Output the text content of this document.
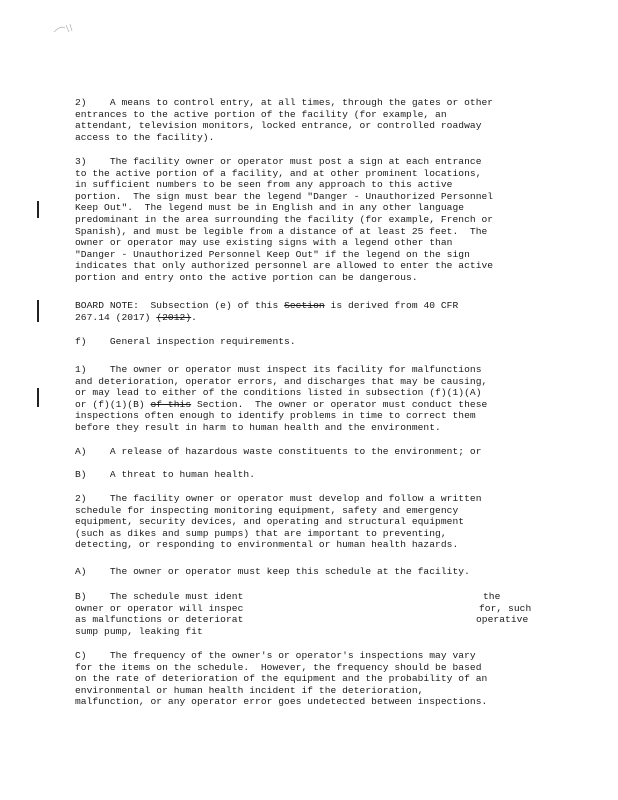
2)    A means to control entry, at all times, through the gates or other
entrances to the active portion of the facility (for example, an
attendant, television monitors, locked entrance, or controlled roadway
access to the facility).
3)    The facility owner or operator must post a sign at each entrance
to the active portion of a facility, and at other prominent locations,
in sufficient numbers to be seen from any approach to this active
portion.  The sign must bear the legend "Danger - Unauthorized Personnel
Keep Out".  The legend must be in English and in any other language
predominant in the area surrounding the facility (for example, French or
Spanish), and must be legible from a distance of at least 25 feet.  The
owner or operator may use existing signs with a legend other than
"Danger - Unauthorized Personnel Keep Out" if the legend on the sign
indicates that only authorized personnel are allowed to enter the active
portion and entry onto the active portion can be dangerous.
BOARD NOTE:  Subsection (e) of this Section is derived from 40 CFR
267.14 (2017) (2012).
f)    General inspection requirements.
1)    The owner or operator must inspect its facility for malfunctions
and deterioration, operator errors, and discharges that may be causing,
or may lead to either of the conditions listed in subsection (f)(1)(A)
or (f)(1)(B) of this Section.  The owner or operator must conduct these
inspections often enough to identify problems in time to correct them
before they result in harm to human health and the environment.
A)    A release of hazardous waste constituents to the environment; or
B)    A threat to human health.
2)    The facility owner or operator must develop and follow a written
schedule for inspecting monitoring equipment, safety and emergency
equipment, security devices, and operating and structural equipment
(such as dikes and sump pumps) that are important to preventing,
detecting, or responding to environmental or human health hazards.
A)    The owner or operator must keep this schedule at the facility.
B)    The schedule must ident	the
owner or operator will inspec	for, such
as malfunctions or deteriorat	operative
sump pump, leaking fit
C)    The frequency of the owner's or operator's inspections may vary
for the items on the schedule.  However, the frequency should be based
on the rate of deterioration of the equipment and the probability of an
environmental or human health incident if the deterioration,
malfunction, or any operator error goes undetected between inspections.
